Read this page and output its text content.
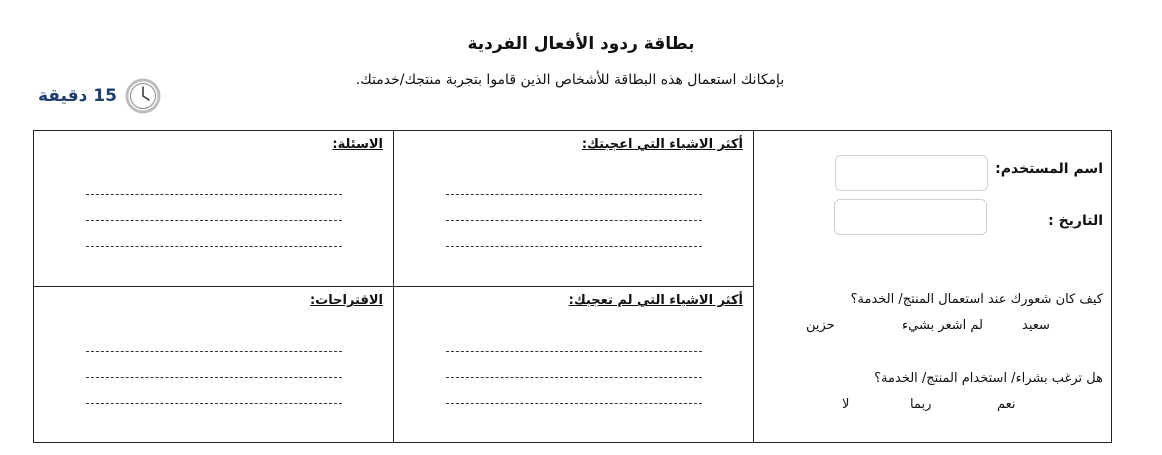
بطاقة ردود الأفعال الفردية
بإمكانك استعمال هذه البطاقة للأشخاص الذين قاموا بتجربة منتجك/خدمتك.
15 دقيقة
الاسئلة:	أكثر الاشياء التي اعجبتك:
الاقتراحات:	أكثر الاشياء التي لم تعجبك:
اسم المستخدم:
التاريخ :
كيف كان شعورك عند استعمال المنتج/ الخدمة؟
سعيد
لم اشعر بشيء
حزين
هل ترغب بشراء/ استخدام المنتج/ الخدمة؟
نعم
ربما
لا
